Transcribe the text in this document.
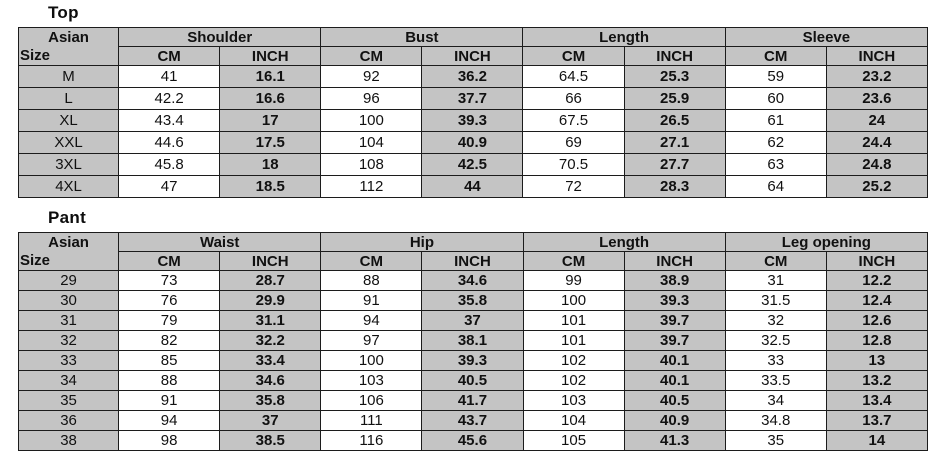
Top
Asian
Size	Shoulder		Bust		Length		Sleeve	
	CM	INCH	CM	INCH	CM	INCH	CM	INCH
M	41	16.1	92	36.2	64.5	25.3	59	23.2
L	42.2	16.6	96	37.7	66	25.9	60	23.6
XL	43.4	17	100	39.3	67.5	26.5	61	24
XXL	44.6	17.5	104	40.9	69	27.1	62	24.4
3XL	45.8	18	108	42.5	70.5	27.7	63	24.8
4XL	47	18.5	112	44	72	28.3	64	25.2
Pant
Asian
Size	Waist		Hip		Length		Leg opening	
	CM	INCH	CM	INCH	CM	INCH	CM	INCH
29	73	28.7	88	34.6	99	38.9	31	12.2
30	76	29.9	91	35.8	100	39.3	31.5	12.4
31	79	31.1	94	37	101	39.7	32	12.6
32	82	32.2	97	38.1	101	39.7	32.5	12.8
33	85	33.4	100	39.3	102	40.1	33	13
34	88	34.6	103	40.5	102	40.1	33.5	13.2
35	91	35.8	106	41.7	103	40.5	34	13.4
36	94	37	111	43.7	104	40.9	34.8	13.7
38	98	38.5	116	45.6	105	41.3	35	14
